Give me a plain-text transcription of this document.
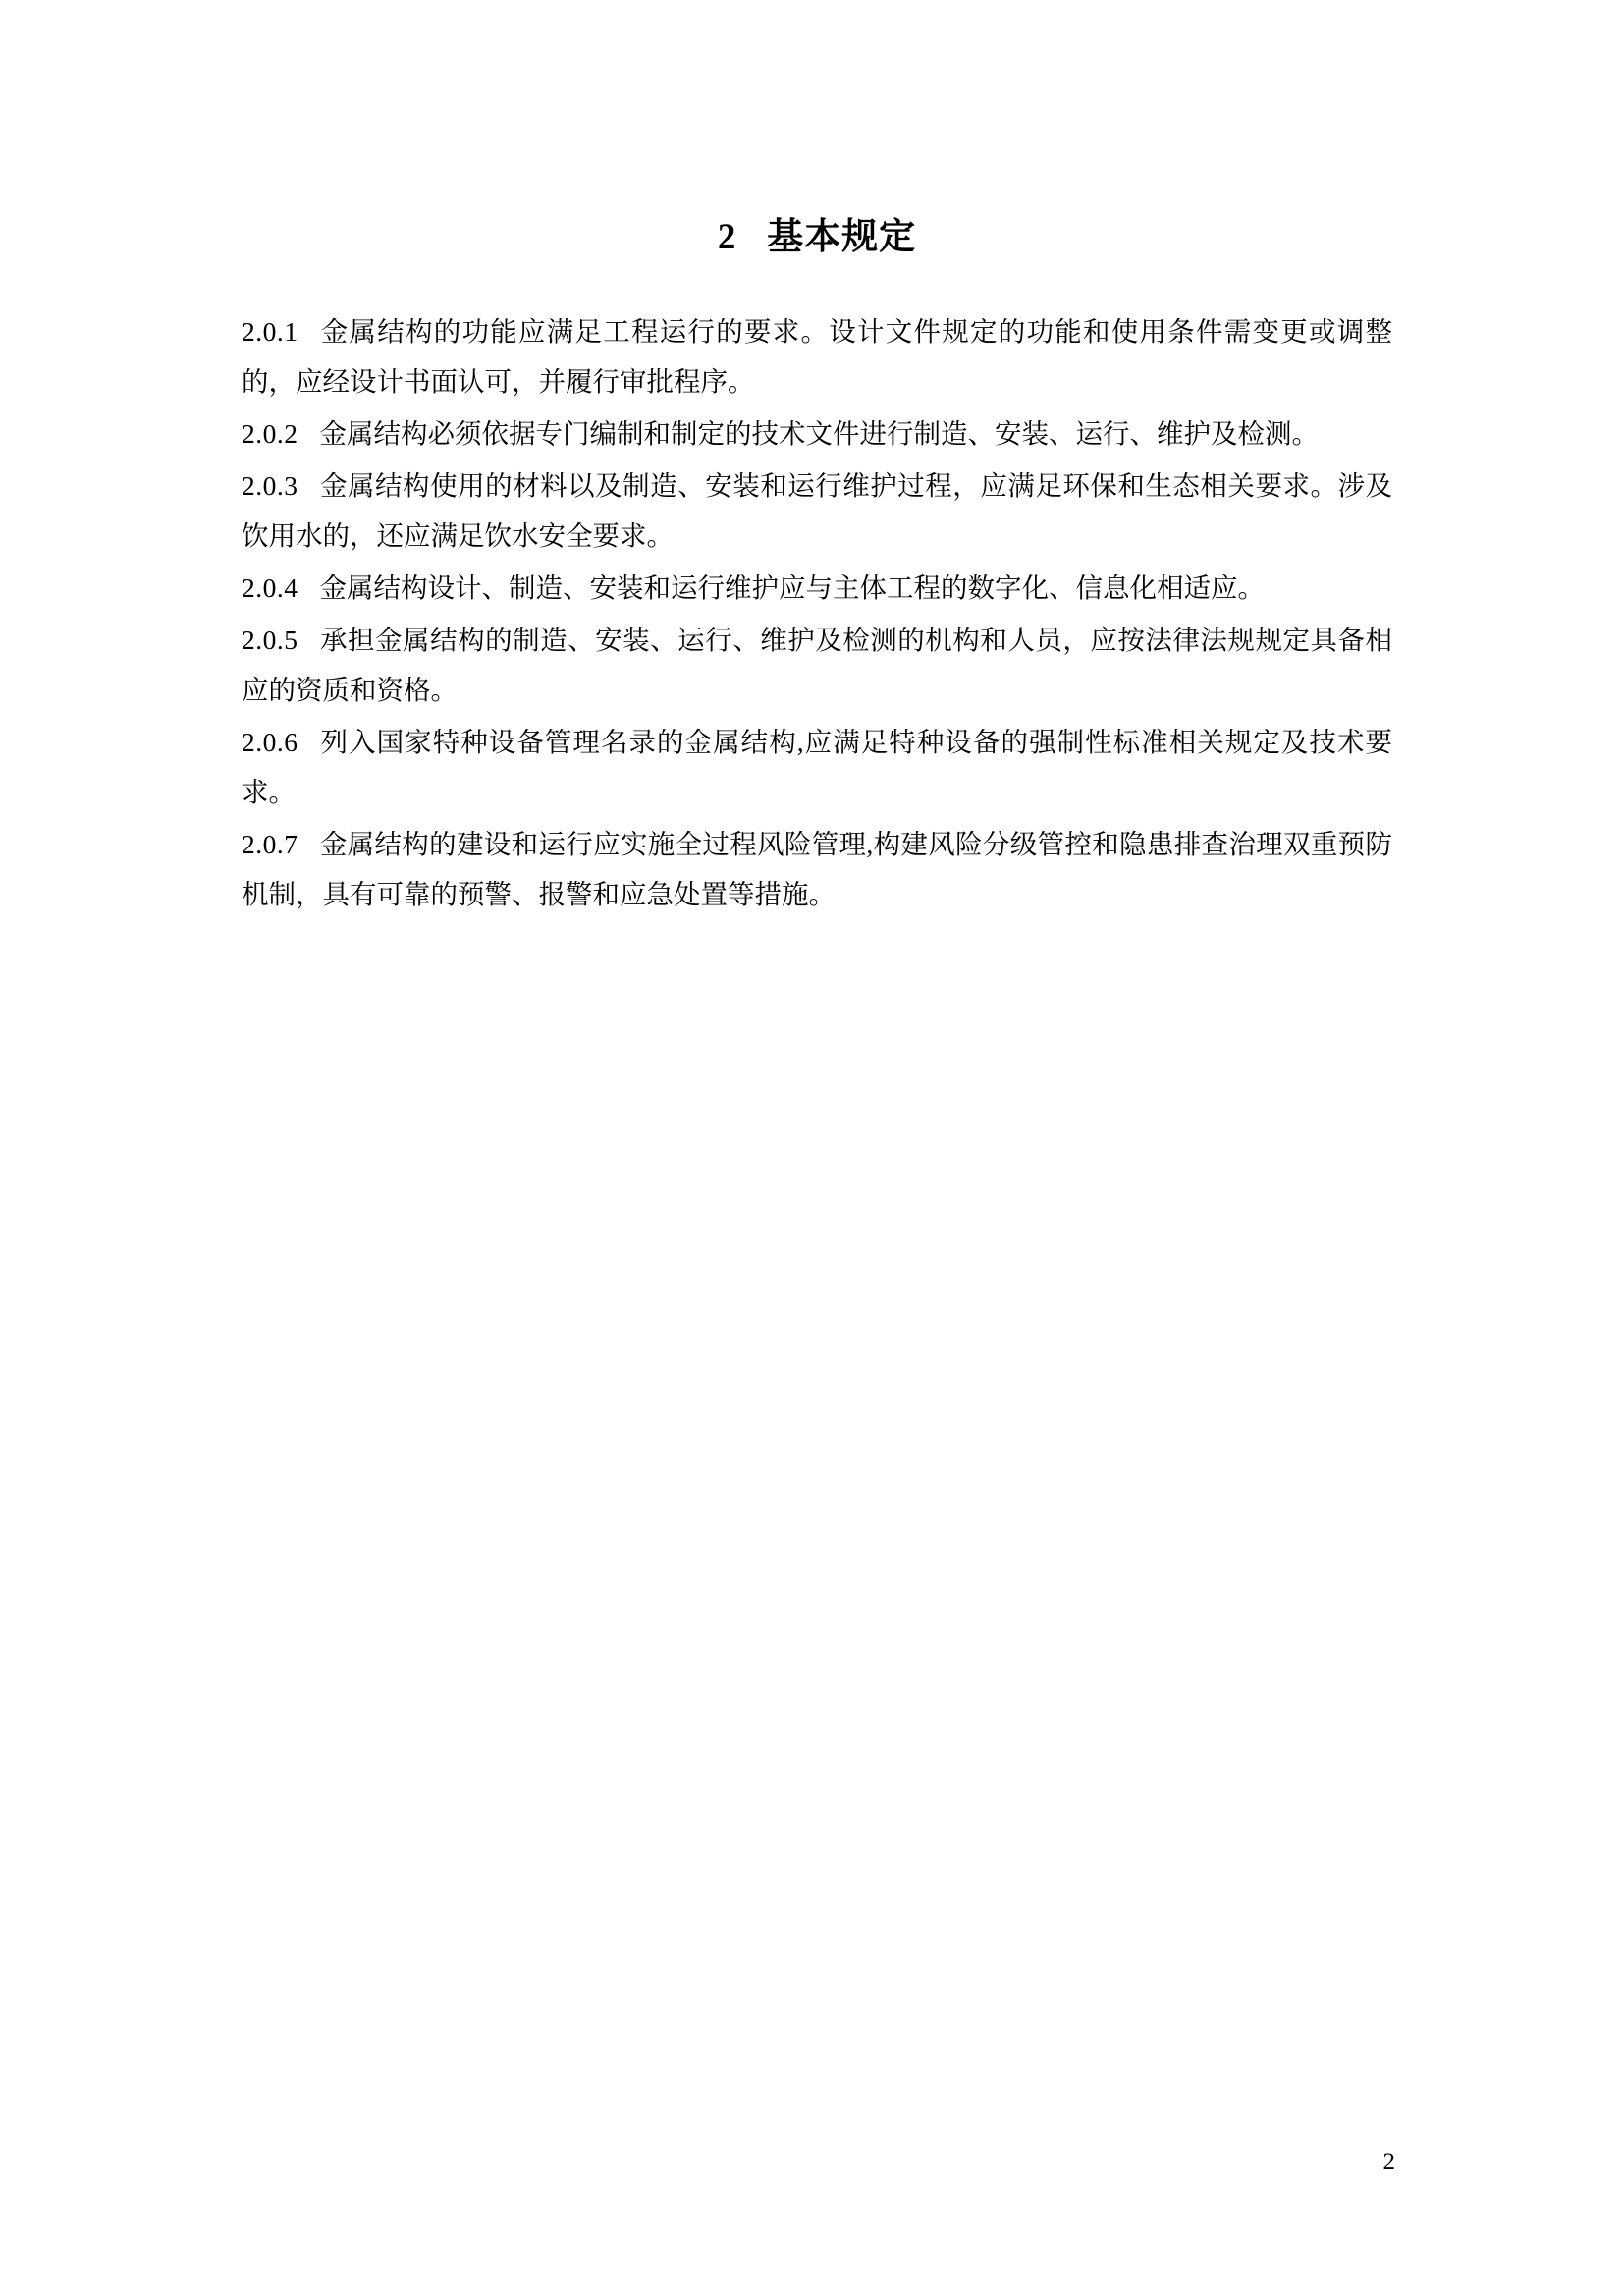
2   基本规定

2.0.1 金属结构的功能应满足工程运行的要求。设计文件规定的功能和使用条件需变更或调整的，应经设计书面认可，并履行审批程序。

2.0.2 金属结构必须依据专门编制和制定的技术文件进行制造、安装、运行、维护及检测。

2.0.3 金属结构使用的材料以及制造、安装和运行维护过程，应满足环保和生态相关要求。涉及饮用水的，还应满足饮水安全要求。

2.0.4 金属结构设计、制造、安装和运行维护应与主体工程的数字化、信息化相适应。

2.0.5 承担金属结构的制造、安装、运行、维护及检测的机构和人员，应按法律法规规定具备相应的资质和资格。

2.0.6 列入国家特种设备管理名录的金属结构,应满足特种设备的强制性标准相关规定及技术要求。

2.0.7 金属结构的建设和运行应实施全过程风险管理,构建风险分级管控和隐患排查治理双重预防机制，具有可靠的预警、报警和应急处置等措施。

2
